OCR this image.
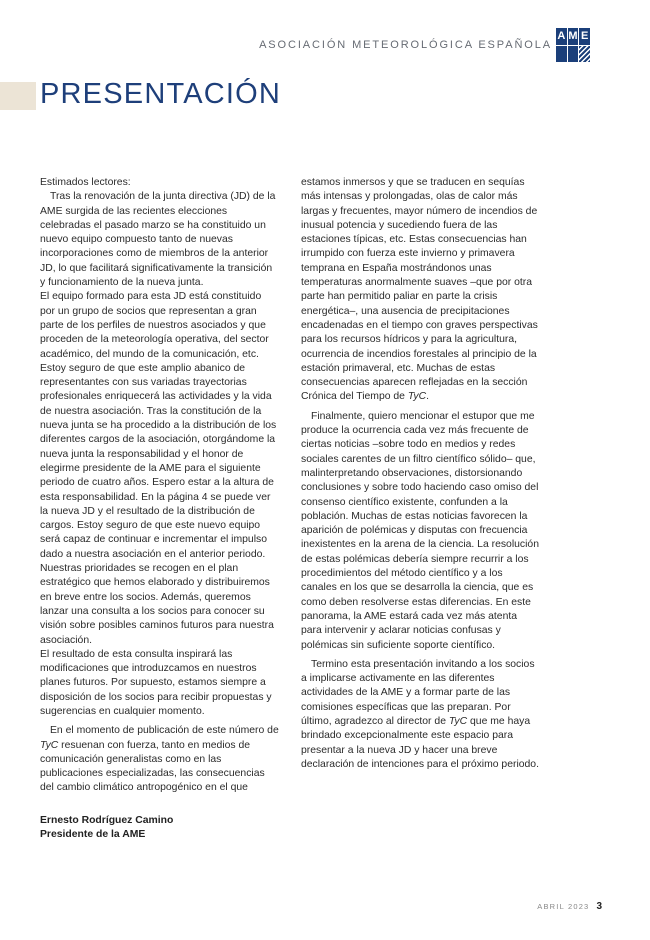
ASOCIACIÓN METEOROLÓGICA ESPAÑOLA
A M E
PRESENTACIÓN

Estimados lectores:

Tras la renovación de la junta directiva (JD) de la AME surgida de las recientes elecciones celebradas el pasado marzo se ha constituido un nuevo equipo compuesto tanto de nuevas incorporaciones como de miembros de la anterior JD, lo que facilitará significativamente la transición y funcionamiento de la nueva junta.

El equipo formado para esta JD está constituido por un grupo de socios que representan a gran parte de los perfiles de nuestros asociados y que proceden de la meteorología operativa, del sector académico, del mundo de la comunicación, etc. Estoy seguro de que este amplio abanico de representantes con sus variadas trayectorias profesionales enriquecerá las actividades y la vida de nuestra asociación. Tras la constitución de la nueva junta se ha procedido a la distribución de los diferentes cargos de la asociación, otorgándome la nueva junta la responsabilidad y el honor de elegirme presidente de la AME para el siguiente periodo de cuatro años. Espero estar a la altura de esta responsabilidad. En la página 4 se puede ver la nueva JD y el resultado de la distribución de cargos. Estoy seguro de que este nuevo equipo será capaz de continuar e incrementar el impulso dado a nuestra asociación en el anterior periodo. Nuestras prioridades se recogen en el plan estratégico que hemos elaborado y distribuiremos en breve entre los socios. Además, queremos lanzar una consulta a los socios para conocer su visión sobre posibles caminos futuros para nuestra asociación.

El resultado de esta consulta inspirará las modificaciones que introduzcamos en nuestros planes futuros. Por supuesto, estamos siempre a disposición de los socios para recibir propuestas y sugerencias en cualquier momento.

En el momento de publicación de este número de TyC resuenan con fuerza, tanto en medios de comunicación generalistas como en las publicaciones especializadas, las consecuencias del cambio climático antropogénico en el que

estamos inmersos y que se traducen en sequías más intensas y prolongadas, olas de calor más largas y frecuentes, mayor número de incendios de inusual potencia y sucediendo fuera de las estaciones típicas, etc. Estas consecuencias han irrumpido con fuerza este invierno y primavera temprana en España mostrándonos unas temperaturas anormalmente suaves –que por otra parte han permitido paliar en parte la crisis energética–, una ausencia de precipitaciones encadenadas en el tiempo con graves perspectivas para los recursos hídricos y para la agricultura, ocurrencia de incendios forestales al principio de la estación primaveral, etc. Muchas de estas consecuencias aparecen reflejadas en la sección Crónica del Tiempo de TyC.

Finalmente, quiero mencionar el estupor que me produce la ocurrencia cada vez más frecuente de ciertas noticias –sobre todo en medios y redes sociales carentes de un filtro científico sólido– que, malinterpretando observaciones, distorsionando conclusiones y sobre todo haciendo caso omiso del consenso científico existente, confunden a la población. Muchas de estas noticias favorecen la aparición de polémicas y disputas con frecuencia inexistentes en la arena de la ciencia. La resolución de estas polémicas debería siempre recurrir a los procedimientos del método científico y a los canales en los que se desarrolla la ciencia, que es como deben resolverse estas diferencias. En este panorama, la AME estará cada vez más atenta para intervenir y aclarar noticias confusas y polémicas sin suficiente soporte científico.

Termino esta presentación invitando a los socios a implicarse activamente en las diferentes actividades de la AME y a formar parte de las comisiones específicas que las preparan. Por último, agradezco al director de TyC que me haya brindado excepcionalmente este espacio para presentar a la nueva JD y hacer una breve declaración de intenciones para el próximo periodo.

Ernesto Rodríguez Camino
Presidente de la AME
ABRIL 2023 3
